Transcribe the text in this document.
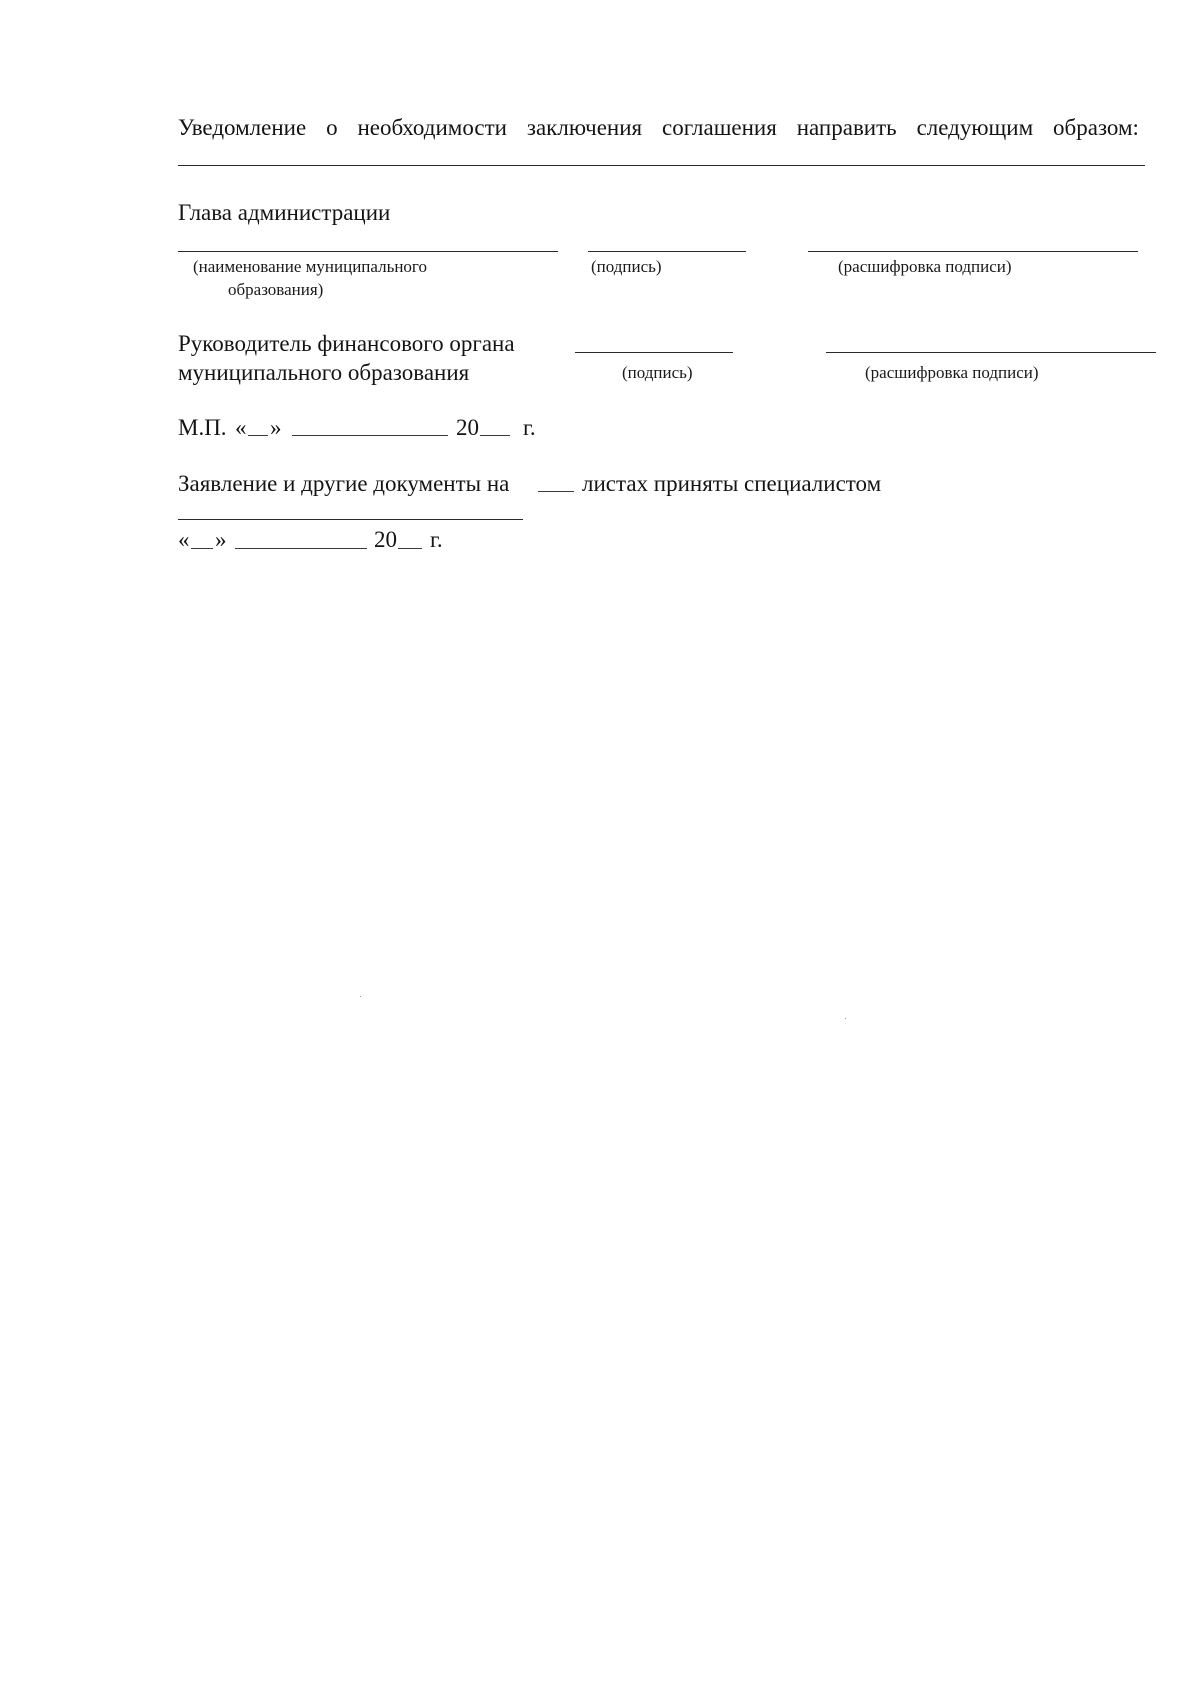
Уведомление о необходимости заключения соглашения направить следующим образом:
Глава администрации
(наименование муниципального
образования)
(подпись)	(расшифровка подписи)
Руководитель финансового органа
муниципального образования	(подпись)	(расшифровка подписи)
М.П. « »	20 г.
Заявление и другие документы на	листах приняты специалистом
« »	20 г.
